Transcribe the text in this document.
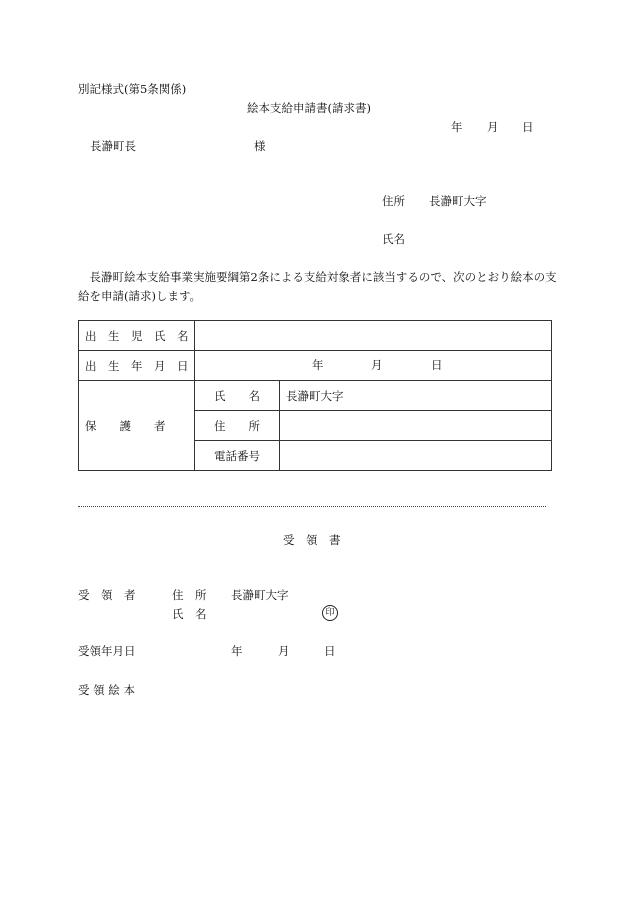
別記様式(第5条関係)
絵本支給申請書(請求書)
年 月 日
長瀞町長	様
住所 長瀞町大字
氏名
　長瀞町絵本支給事業実施要綱第2条による支給対象者に該当するので、次のとおり絵本の支給を申請(請求)します。
出　生　児　氏　名		
出　生　年　月　日	年 月 日	

保　　護　　者	氏　　名	長瀞町大字
	住　　所	
	電話番号	
受　領　書
受　領　者	住　所 長瀞町大字
氏　名	印
受領年月日	年	月	日
受 領 絵 本
